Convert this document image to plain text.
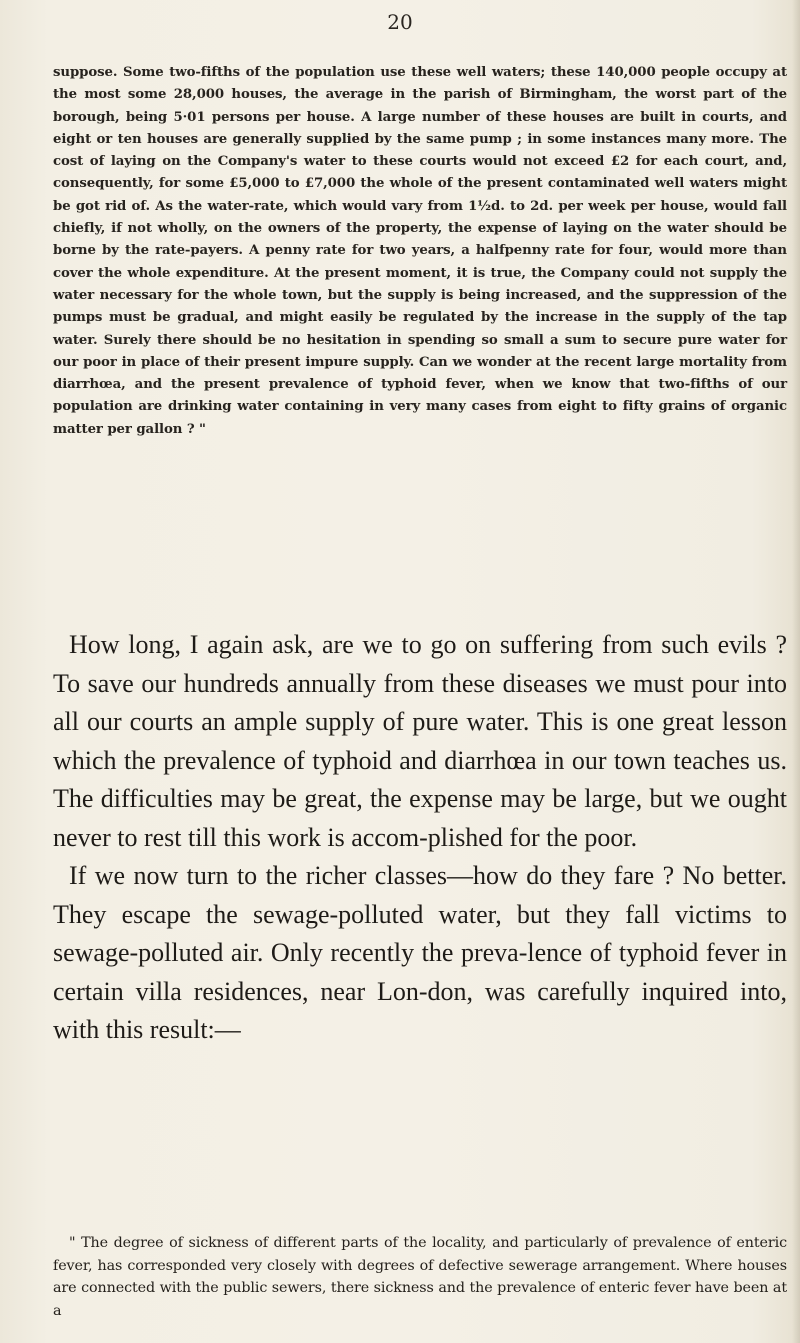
20

suppose. Some two-fifths of the population use these well waters; these 140,000 people occupy at the most some 28,000 houses, the average in the parish of Birmingham, the worst part of the borough, being 5·01 persons per house. A large number of these houses are built in courts, and eight or ten houses are generally supplied by the same pump ; in some instances many more. The cost of laying on the Company's water to these courts would not exceed £2 for each court, and, consequently, for some £5,000 to £7,000 the whole of the present contaminated well waters might be got rid of. As the water-rate, which would vary from 1½d. to 2d. per week per house, would fall chiefly, if not wholly, on the owners of the property, the expense of laying on the water should be borne by the rate-payers. A penny rate for two years, a halfpenny rate for four, would more than cover the whole expenditure. At the present moment, it is true, the Company could not supply the water necessary for the whole town, but the supply is being increased, and the suppression of the pumps must be gradual, and might easily be regulated by the increase in the supply of the tap water. Surely there should be no hesitation in spending so small a sum to secure pure water for our poor in place of their present impure supply. Can we wonder at the recent large mortality from diarrhœa, and the present prevalence of typhoid fever, when we know that two-fifths of our population are drinking water containing in very many cases from eight to fifty grains of organic matter per gallon ? "

How long, I again ask, are we to go on suffering from such evils ? To save our hundreds annually from these diseases we must pour into all our courts an ample supply of pure water. This is one great lesson which the prevalence of typhoid and diarrhœa in our town teaches us. The difficulties may be great, the expense may be large, but we ought never to rest till this work is accom-plished for the poor.

If we now turn to the richer classes—how do they fare ? No better. They escape the sewage-polluted water, but they fall victims to sewage-polluted air. Only recently the preva-lence of typhoid fever in certain villa residences, near Lon-don, was carefully inquired into, with this result:—

" The degree of sickness of different parts of the locality, and particularly of prevalence of enteric fever, has corresponded very closely with degrees of defective sewerage arrangement. Where houses are connected with the public sewers, there sickness and the prevalence of enteric fever have been at a
